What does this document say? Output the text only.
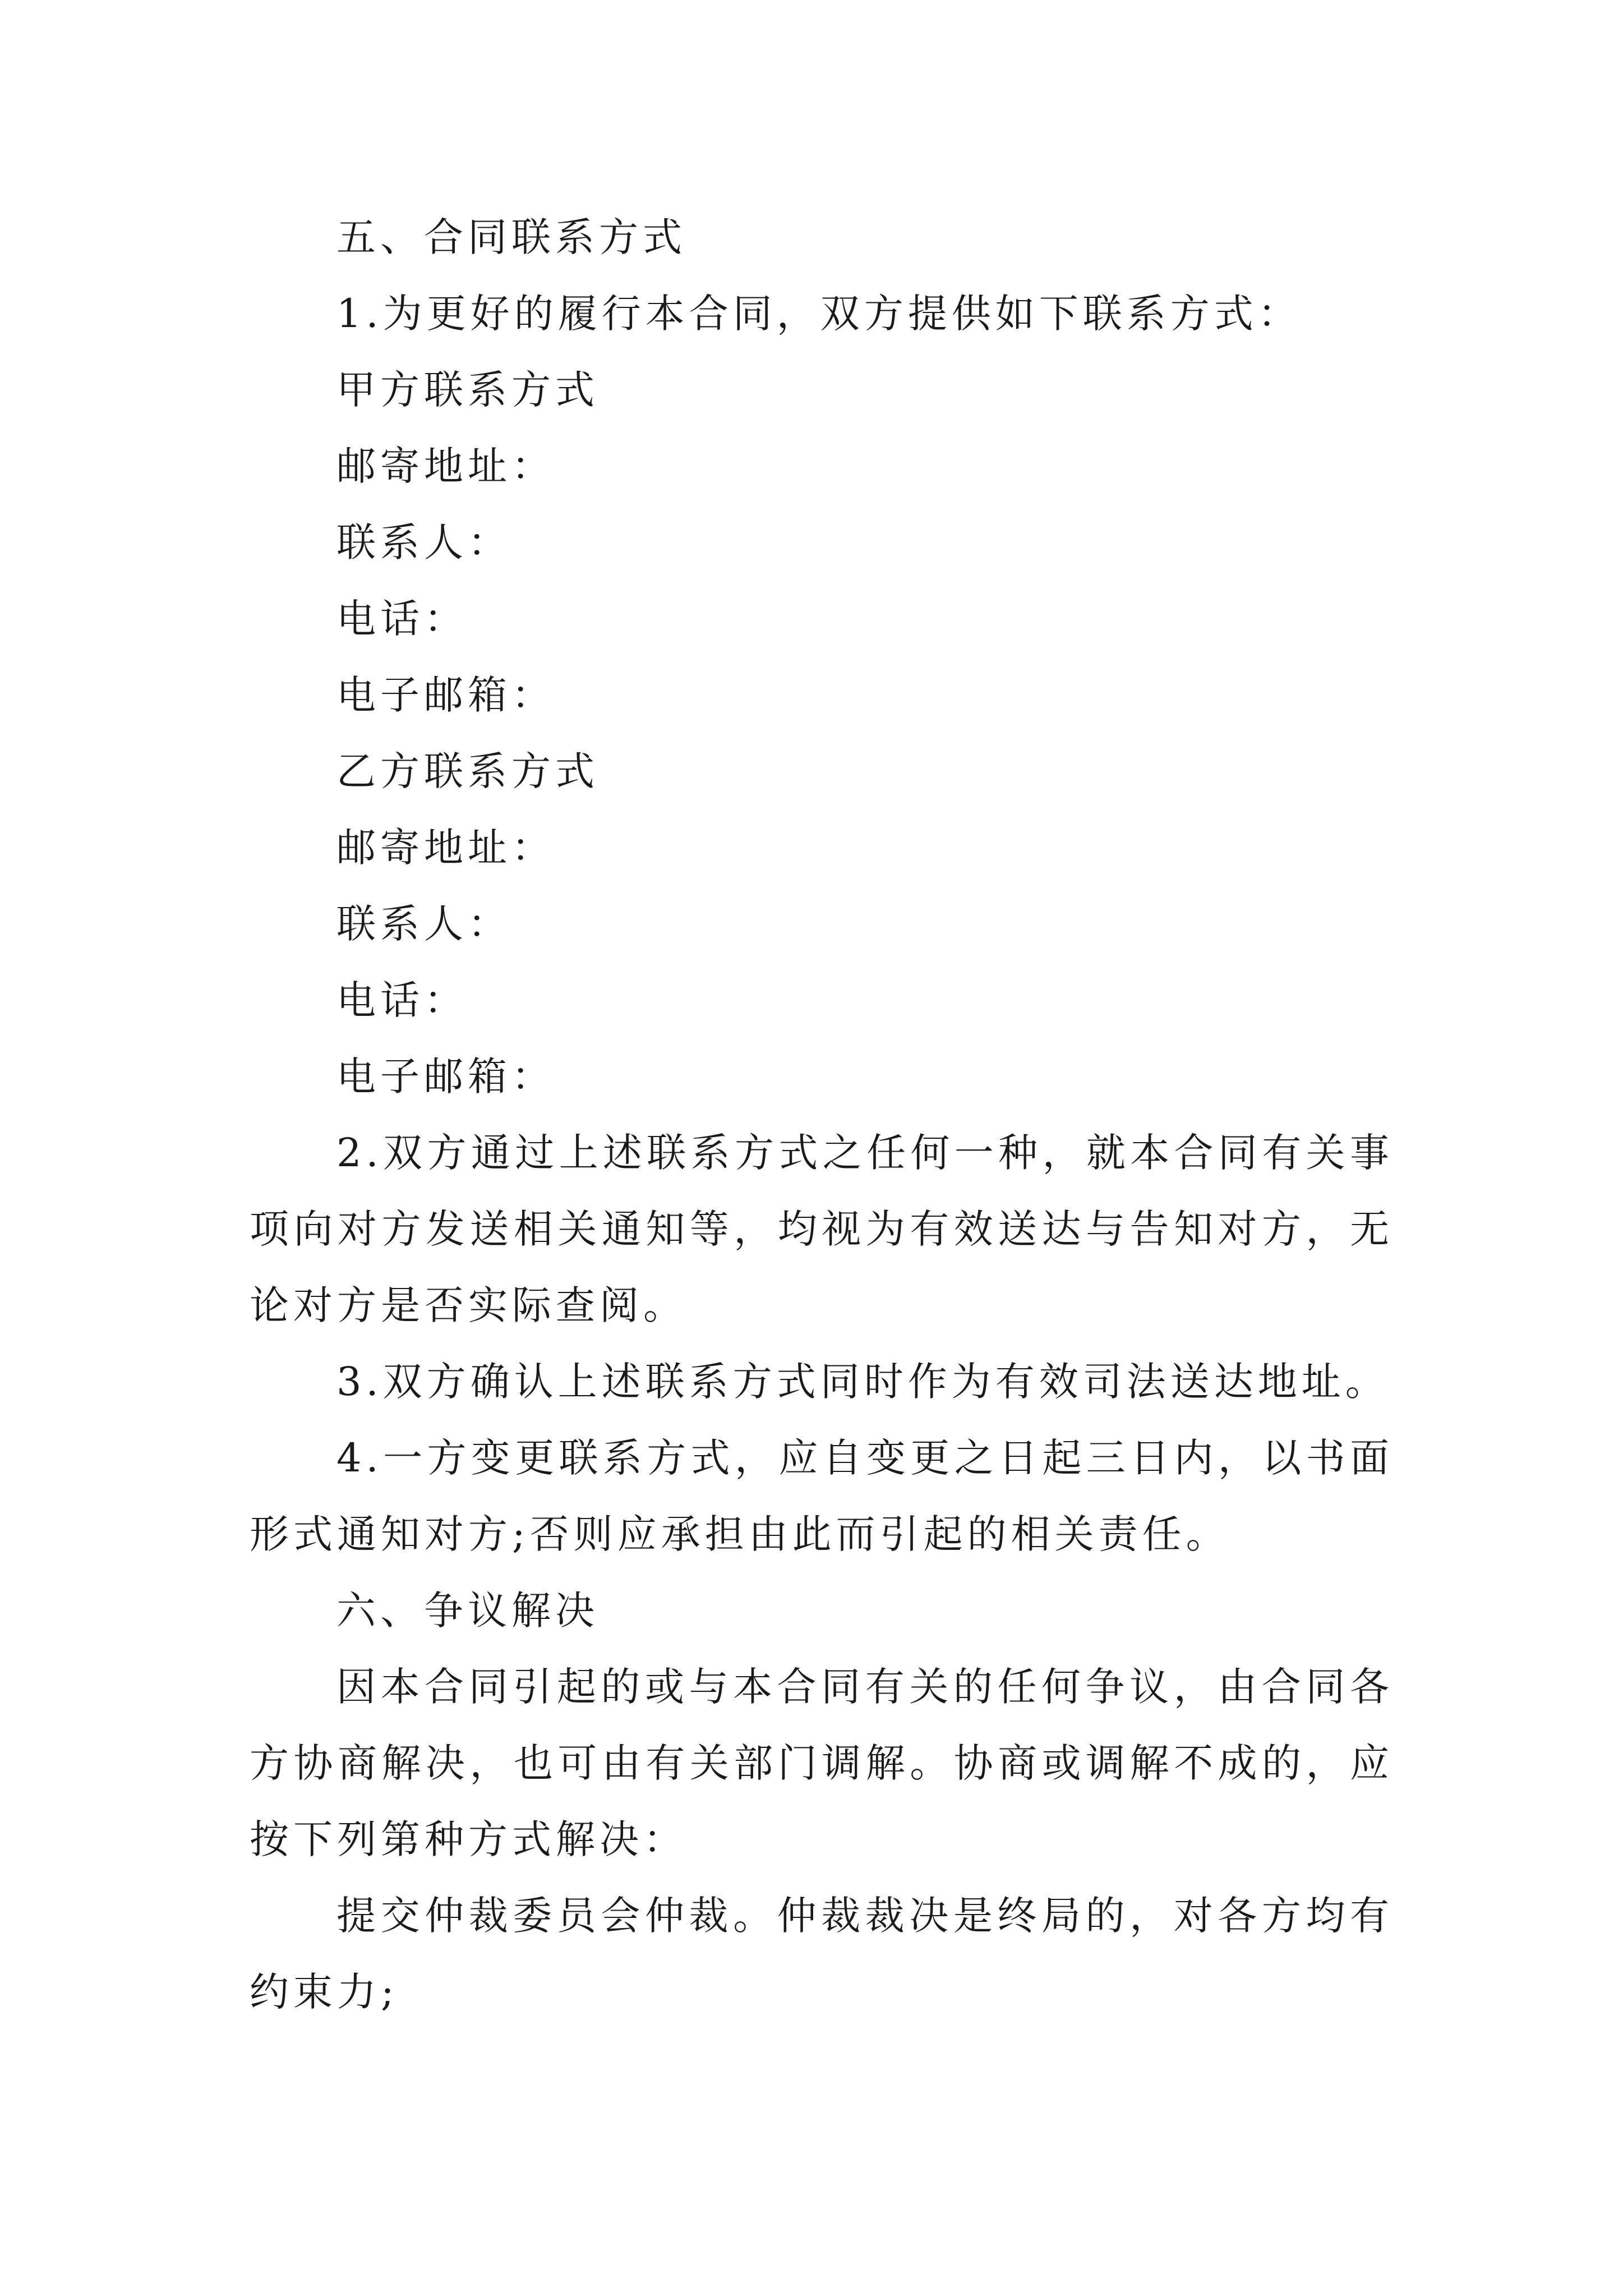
五、合同联系方式
1.为更好的履行本合同，双方提供如下联系方式：
甲方联系方式
邮寄地址：
联系人：
电话：
电子邮箱：
乙方联系方式
邮寄地址：
联系人：
电话：
电子邮箱：
2.双方通过上述联系方式之任何一种，就本合同有关事项向对方发送相关通知等，均视为有效送达与告知对方，无论对方是否实际查阅。
3.双方确认上述联系方式同时作为有效司法送达地址。
4.一方变更联系方式，应自变更之日起三日内，以书面形式通知对方;否则应承担由此而引起的相关责任。
六、争议解决
因本合同引起的或与本合同有关的任何争议，由合同各方协商解决，也可由有关部门调解。协商或调解不成的，应按下列第种方式解决：
提交仲裁委员会仲裁。仲裁裁决是终局的，对各方均有约束力;
